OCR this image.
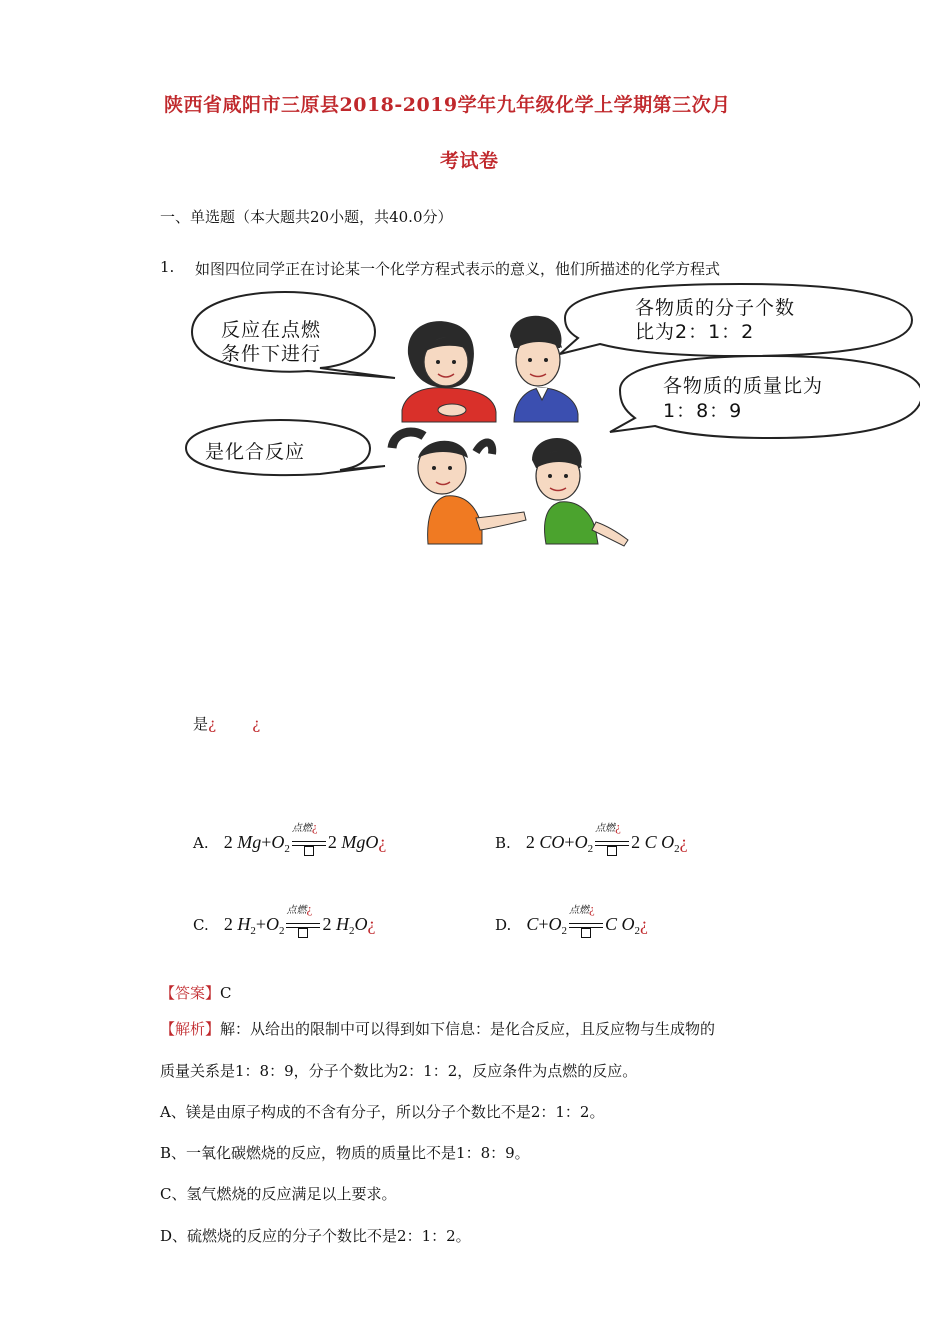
陕西省咸阳市三原县2018-2019学年九年级化学上学期第三次月
考试卷
一、单选题（本大题共20小题，共40.0分）
1. 如图四位同学正在讨论某一个化学方程式表示的意义，他们所描述的化学方程式
反应在点燃
条件下进行
各物质的分子个数
比为2：1：2
各物质的质量比为
1：8：9
是化合反应
是¿ ¿
A. 2 $Mg+O_2$
点燃¿
2 MgO¿	B. 2 $CO+O_2$
点燃¿
2 C $O_2¿$
C. 2 $H_2+O_2$
点燃¿
2 $H_2O¿$	D. $C+O_2$
点燃¿
C $O_2¿$
【答案】C
【解析】解：从给出的限制中可以得到如下信息：是化合反应，且反应物与生成物的
质量关系是1：8：9，分子个数比为2：1：2，反应条件为点燃的反应。
A、镁是由原子构成的不含有分子，所以分子个数比不是2：1：2。
B、一氧化碳燃烧的反应，物质的质量比不是1：8：9。
C、氢气燃烧的反应满足以上要求。
D、硫燃烧的反应的分子个数比不是2：1：2。
